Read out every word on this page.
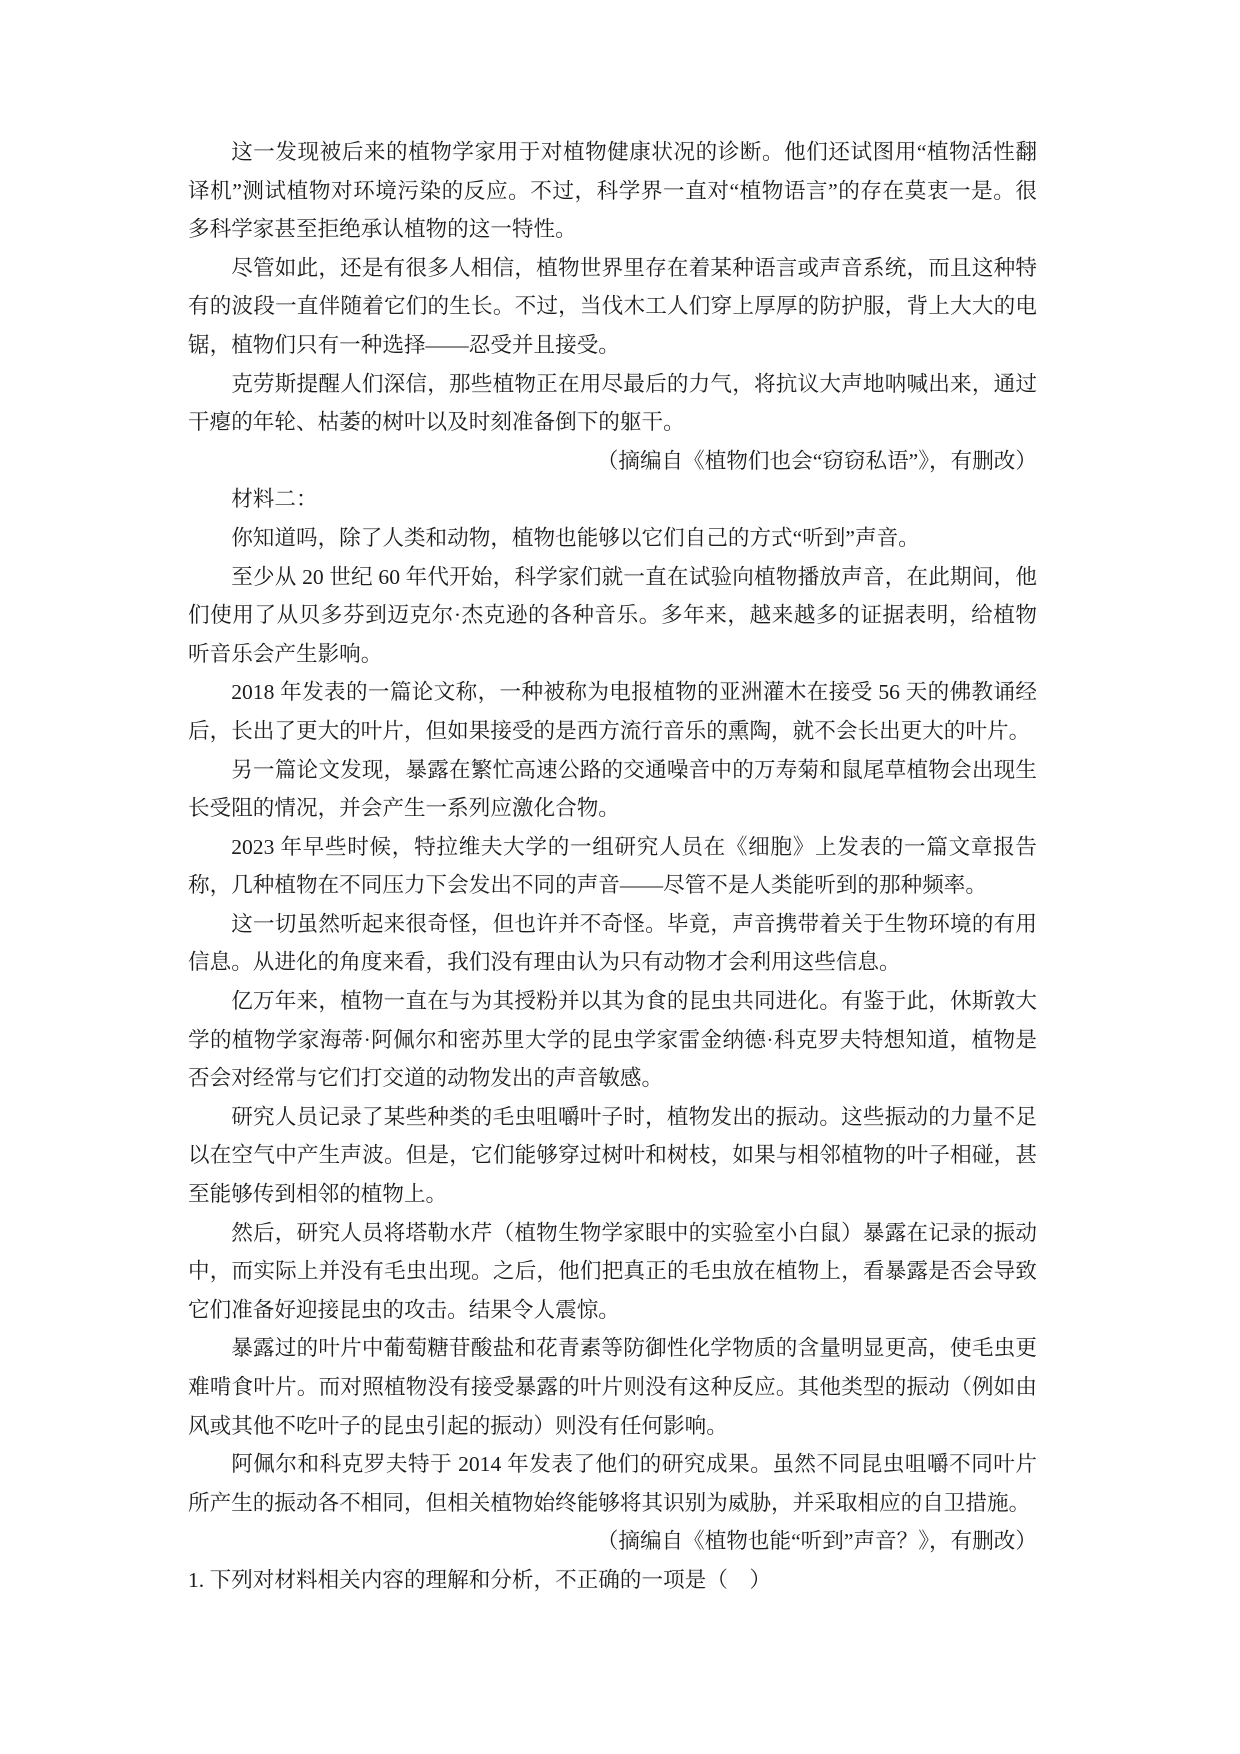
这一发现被后来的植物学家用于对植物健康状况的诊断。他们还试图用“植物活性翻译机”测试植物对环境污染的反应。不过，科学界一直对“植物语言”的存在莫衷一是。很多科学家甚至拒绝承认植物的这一特性。

尽管如此，还是有很多人相信，植物世界里存在着某种语言或声音系统，而且这种特有的波段一直伴随着它们的生长。不过，当伐木工人们穿上厚厚的防护服，背上大大的电锯，植物们只有一种选择——忍受并且接受。

克劳斯提醒人们深信，那些植物正在用尽最后的力气，将抗议大声地呐喊出来，通过干瘪的年轮、枯萎的树叶以及时刻准备倒下的躯干。

（摘编自《植物们也会“窃窃私语”》，有删改）

材料二：

你知道吗，除了人类和动物，植物也能够以它们自己的方式“听到”声音。

至少从 20 世纪 60 年代开始，科学家们就一直在试验向植物播放声音，在此期间，他们使用了从贝多芬到迈克尔·杰克逊的各种音乐。多年来，越来越多的证据表明，给植物听音乐会产生影响。

2018 年发表的一篇论文称，一种被称为电报植物的亚洲灌木在接受 56 天的佛教诵经后，长出了更大的叶片，但如果接受的是西方流行音乐的熏陶，就不会长出更大的叶片。

另一篇论文发现，暴露在繁忙高速公路的交通噪音中的万寿菊和鼠尾草植物会出现生长受阻的情况，并会产生一系列应激化合物。

2023 年早些时候，特拉维夫大学的一组研究人员在《细胞》上发表的一篇文章报告称，几种植物在不同压力下会发出不同的声音——尽管不是人类能听到的那种频率。

这一切虽然听起来很奇怪，但也许并不奇怪。毕竟，声音携带着关于生物环境的有用信息。从进化的角度来看，我们没有理由认为只有动物才会利用这些信息。

亿万年来，植物一直在与为其授粉并以其为食的昆虫共同进化。有鉴于此，休斯敦大学的植物学家海蒂·阿佩尔和密苏里大学的昆虫学家雷金纳德·科克罗夫特想知道，植物是否会对经常与它们打交道的动物发出的声音敏感。

研究人员记录了某些种类的毛虫咀嚼叶子时，植物发出的振动。这些振动的力量不足以在空气中产生声波。但是，它们能够穿过树叶和树枝，如果与相邻植物的叶子相碰，甚至能够传到相邻的植物上。

然后，研究人员将塔勒水芹（植物生物学家眼中的实验室小白鼠）暴露在记录的振动中，而实际上并没有毛虫出现。之后，他们把真正的毛虫放在植物上，看暴露是否会导致它们准备好迎接昆虫的攻击。结果令人震惊。

暴露过的叶片中葡萄糖苷酸盐和花青素等防御性化学物质的含量明显更高，使毛虫更难啃食叶片。而对照植物没有接受暴露的叶片则没有这种反应。其他类型的振动（例如由风或其他不吃叶子的昆虫引起的振动）则没有任何影响。

阿佩尔和科克罗夫特于 2014 年发表了他们的研究成果。虽然不同昆虫咀嚼不同叶片所产生的振动各不相同，但相关植物始终能够将其识别为威胁，并采取相应的自卫措施。

（摘编自《植物也能“听到”声音？》，有删改）

1. 下列对材料相关内容的理解和分析，不正确的一项是（　）
